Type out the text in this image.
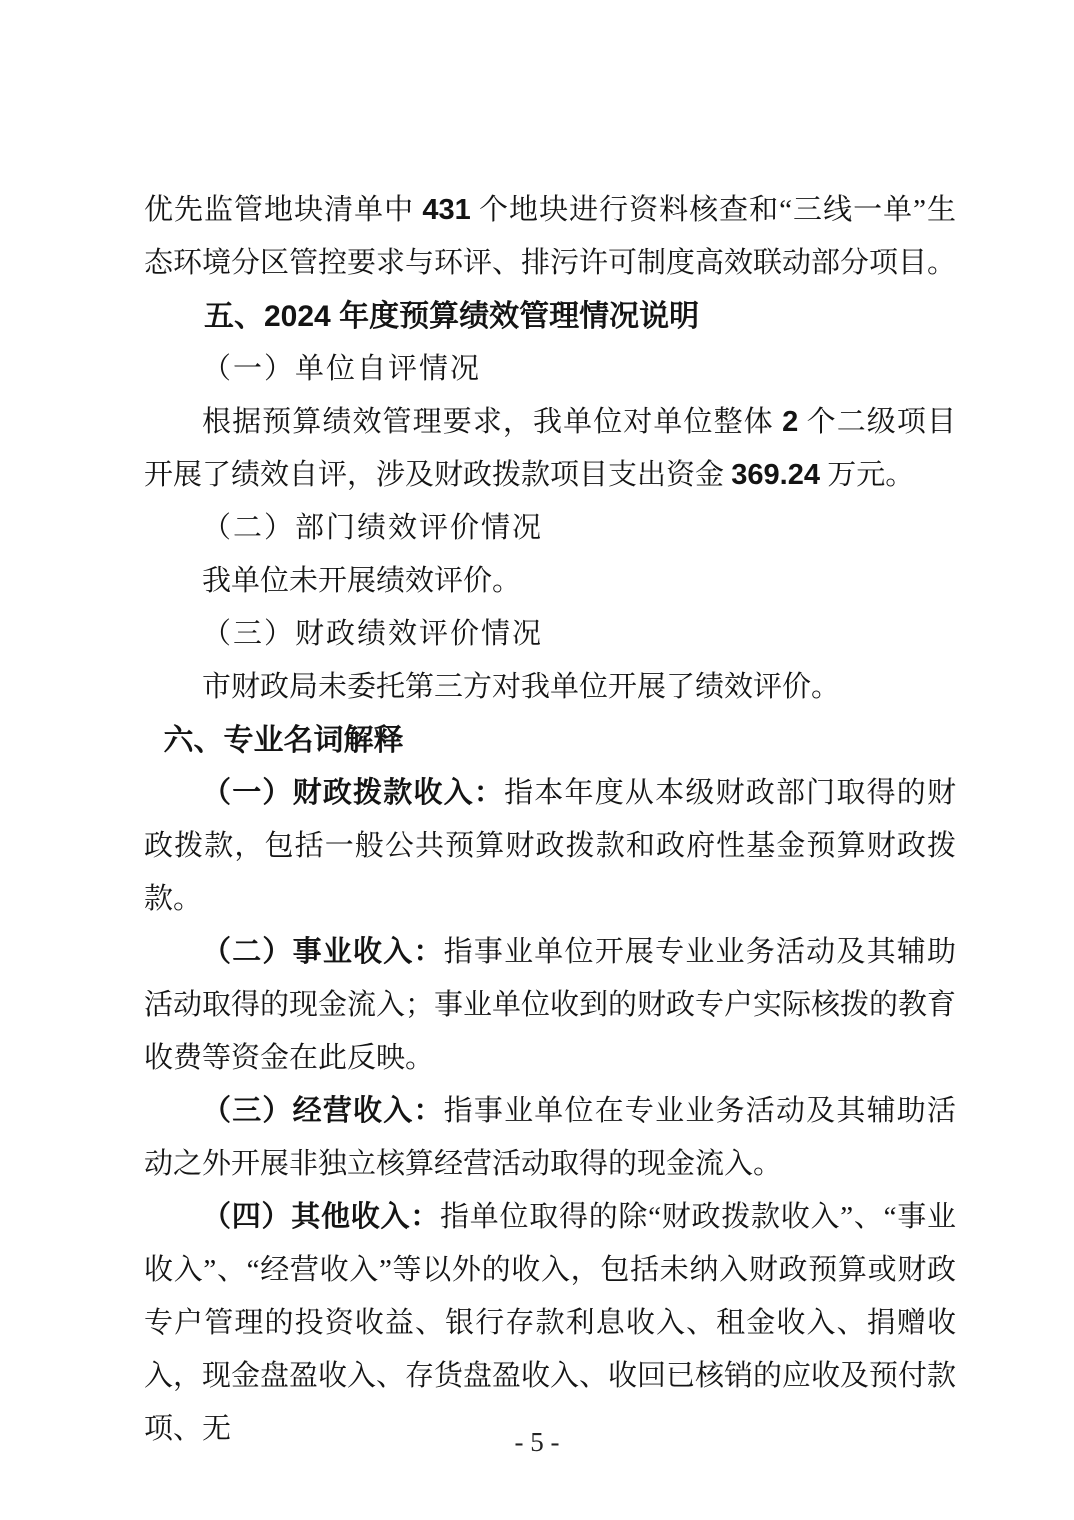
优先监管地块清单中 431 个地块进行资料核查和“三线一单”生态环境分区管控要求与环评、排污许可制度高效联动部分项目。

五、2024 年度预算绩效管理情况说明

（一）单位自评情况

根据预算绩效管理要求，我单位对单位整体 2 个二级项目开展了绩效自评，涉及财政拨款项目支出资金 369.24 万元。

（二）部门绩效评价情况

我单位未开展绩效评价。

（三）财政绩效评价情况

市财政局未委托第三方对我单位开展了绩效评价。

六、专业名词解释

（一）财政拨款收入：指本年度从本级财政部门取得的财政拨款，包括一般公共预算财政拨款和政府性基金预算财政拨款。

（二）事业收入：指事业单位开展专业业务活动及其辅助活动取得的现金流入；事业单位收到的财政专户实际核拨的教育收费等资金在此反映。

（三）经营收入：指事业单位在专业业务活动及其辅助活动之外开展非独立核算经营活动取得的现金流入。

（四）其他收入：指单位取得的除“财政拨款收入”、“事业收入”、“经营收入”等以外的收入，包括未纳入财政预算或财政专户管理的投资收益、银行存款利息收入、租金收入、捐赠收入，现金盘盈收入、存货盘盈收入、收回已核销的应收及预付款项、无	- 5 -
